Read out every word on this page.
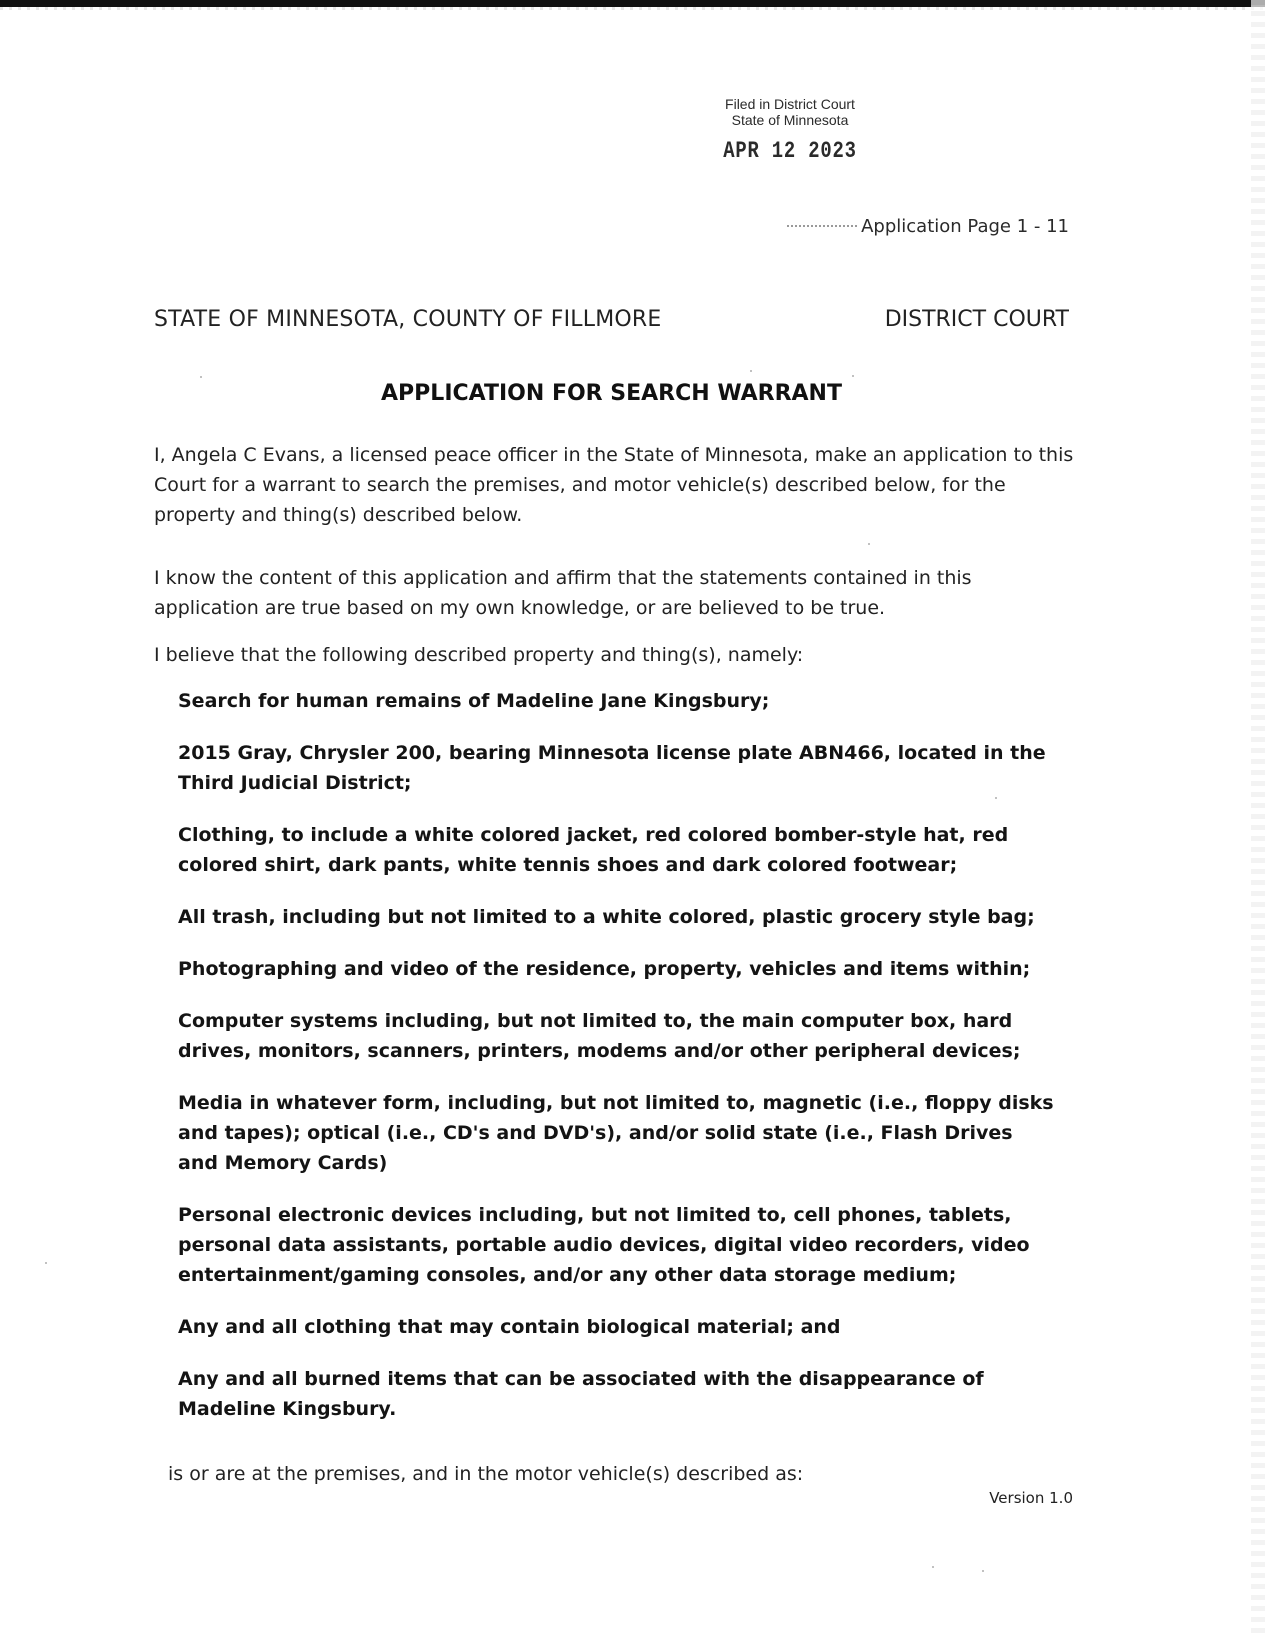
Filed in District Court
State of Minnesota
APR 12 2023
Application Page 1 - 11
STATE OF MINNESOTA, COUNTY OF FILLMORE	DISTRICT COURT
APPLICATION FOR SEARCH WARRANT

I, Angela C Evans, a licensed peace officer in the State of Minnesota, make an application to this Court for a warrant to search the premises, and motor vehicle(s) described below, for the property and thing(s) described below.

I know the content of this application and affirm that the statements contained in this application are true based on my own knowledge, or are believed to be true.

I believe that the following described property and thing(s), namely:

Search for human remains of Madeline Jane Kingsbury;
2015 Gray, Chrysler 200, bearing Minnesota license plate ABN466, located in the Third Judicial District;
Clothing, to include a white colored jacket, red colored bomber-style hat, red colored shirt, dark pants, white tennis shoes and dark colored footwear;
All trash, including but not limited to a white colored, plastic grocery style bag;
Photographing and video of the residence, property, vehicles and items within;
Computer systems including, but not limited to, the main computer box, hard drives, monitors, scanners, printers, modems and/or other peripheral devices;
Media in whatever form, including, but not limited to, magnetic (i.e., floppy disks and tapes); optical (i.e., CD's and DVD's), and/or solid state (i.e., Flash Drives and Memory Cards)
Personal electronic devices including, but not limited to, cell phones, tablets, personal data assistants, portable audio devices, digital video recorders, video entertainment/gaming consoles, and/or any other data storage medium;
Any and all clothing that may contain biological material; and
Any and all burned items that can be associated with the disappearance of Madeline Kingsbury.
is or are at the premises, and in the motor vehicle(s) described as:
Version 1.0
